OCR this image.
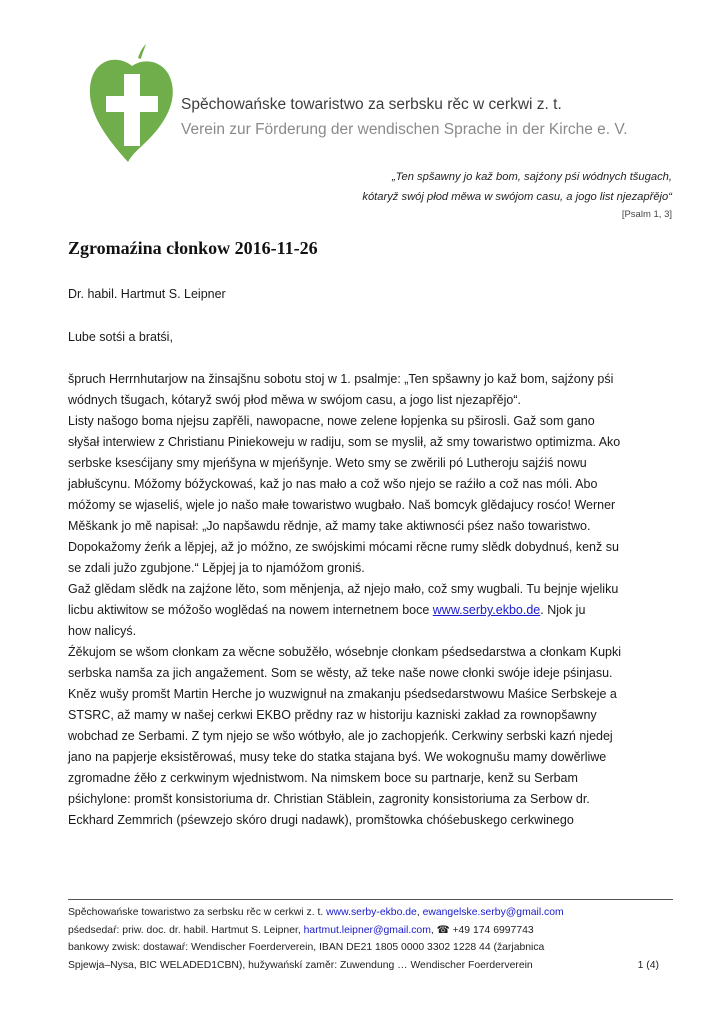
Spěchowańske towaristwo za serbsku rěc w cerkwi z. t.
Verein zur Förderung der wendischen Sprache in der Kirche e. V.
„Ten spšawny jo kaž bom, sajźony pśi wódnych tšugach,
kótaryž swój płod měwa w swójom casu, a jogo list njezapřějo“
[Psalm 1, 3]
Zgromaźina cłonkow 2016-11-26
Dr. habil. Hartmut S. Leipner
Lube sotśi a bratśi,
špruch Herrnhutarjow na žinsajšnu sobotu stoj w 1. psalmje: „Ten spšawny jo kaž bom, sajźony pśi
wódnych tšugach, kótaryž swój płod měwa w swójom casu, a jogo list njezapřějo“.
Listy našogo boma njejsu zapřěli, nawopacne, nowe zelene łopjenka su pširosli. Gaž som gano
słyšał interwiew z Christianu Piniekoweju w radiju, som se myslił, až smy towaristwo optimizma. Ako
serbske ksesćijany smy mjeńšyna w mjeńšynje. Weto smy se zwěrili pó Lutheroju sajźiś nowu
jabłušcynu. Móžomy bóžyckowaś, kaž jo nas mało a což wšo njejo se raźiło a což nas móli. Abo
móžomy se wjaseliś, wjele jo našo małe towaristwo wugbało. Naš bomcyk glědajucy rosćo! Werner
Měškank jo mě napisał: „Jo napšawdu rědnje, až mamy take aktiwnosći pśez našo towaristwo.
Dopokažomy źeńk a lěpjej, až jo móžno, ze swójskimi mócami rěcne rumy slědk dobydnuś, kenž su
se zdali južo zgubjone.“ Lěpjej ja to njamóžom groniś.
Gaž glědam slědk na zajźone lěto, som měnjenja, až njejo mało, což smy wugbali. Tu bejnje wjeliku
licbu aktiwitow se móžošo woglědaś na nowem internetnem boce www.serby.ekbo.de. Njok ju
how nalicyś.
Źěkujom se wšom cłonkam za wěcne sobužěło, wósebnje cłonkam pśedsedarstwa a cłonkam Kupki
serbska namša za jich angažement. Som se wěsty, až teke naše nowe cłonki swóje ideje pśinjasu.
Kněz wušy promšt Martin Herche jo wuzwignuł na zmakanju pśedsedarstwowu Maśice Serbskeje a
STSRC, až mamy w našej cerkwi EKBO prědny raz w historiju kazniski zakład za rownopšawny
wobchad ze Serbami. Z tym njejo se wšo wótbyło, ale jo zachopjeńk. Cerkwiny serbski kazń njedej
jano na papjerje eksistěrowaś, musy teke do statka stajana byś. We wokognušu mamy dowěrliwe
zgromadne źěło z cerkwinym wjednistwom. Na nimskem boce su partnarje, kenž su Serbam
pśichylone: promšt konsistoriuma dr. Christian Stäblein, zagronity konsistoriuma za Serbow dr.
Eckhard Zemmrich (pśewzejo skóro drugi nadawk), promštowka chóśebuskego cerkwinego
Spěchowańske towaristwo za serbsku rěc w cerkwi z. t. www.serby-ekbo.de, ewangelske.serby@gmail.com
pśedsedaŕ: priw. doc. dr. habil. Hartmut S. Leipner, hartmut.leipner@gmail.com, ☎ +49 174 6997743
bankowy zwisk: dostawaŕ: Wendischer Foerderverein, IBAN DE21 1805 0000 3302 1228 44 (žarjabnica
Spjewja–Nysa, BIC WELADED1CBN), hužywańskí zaměr: Zuwendung … Wendischer Foerderverein	1 (4)
